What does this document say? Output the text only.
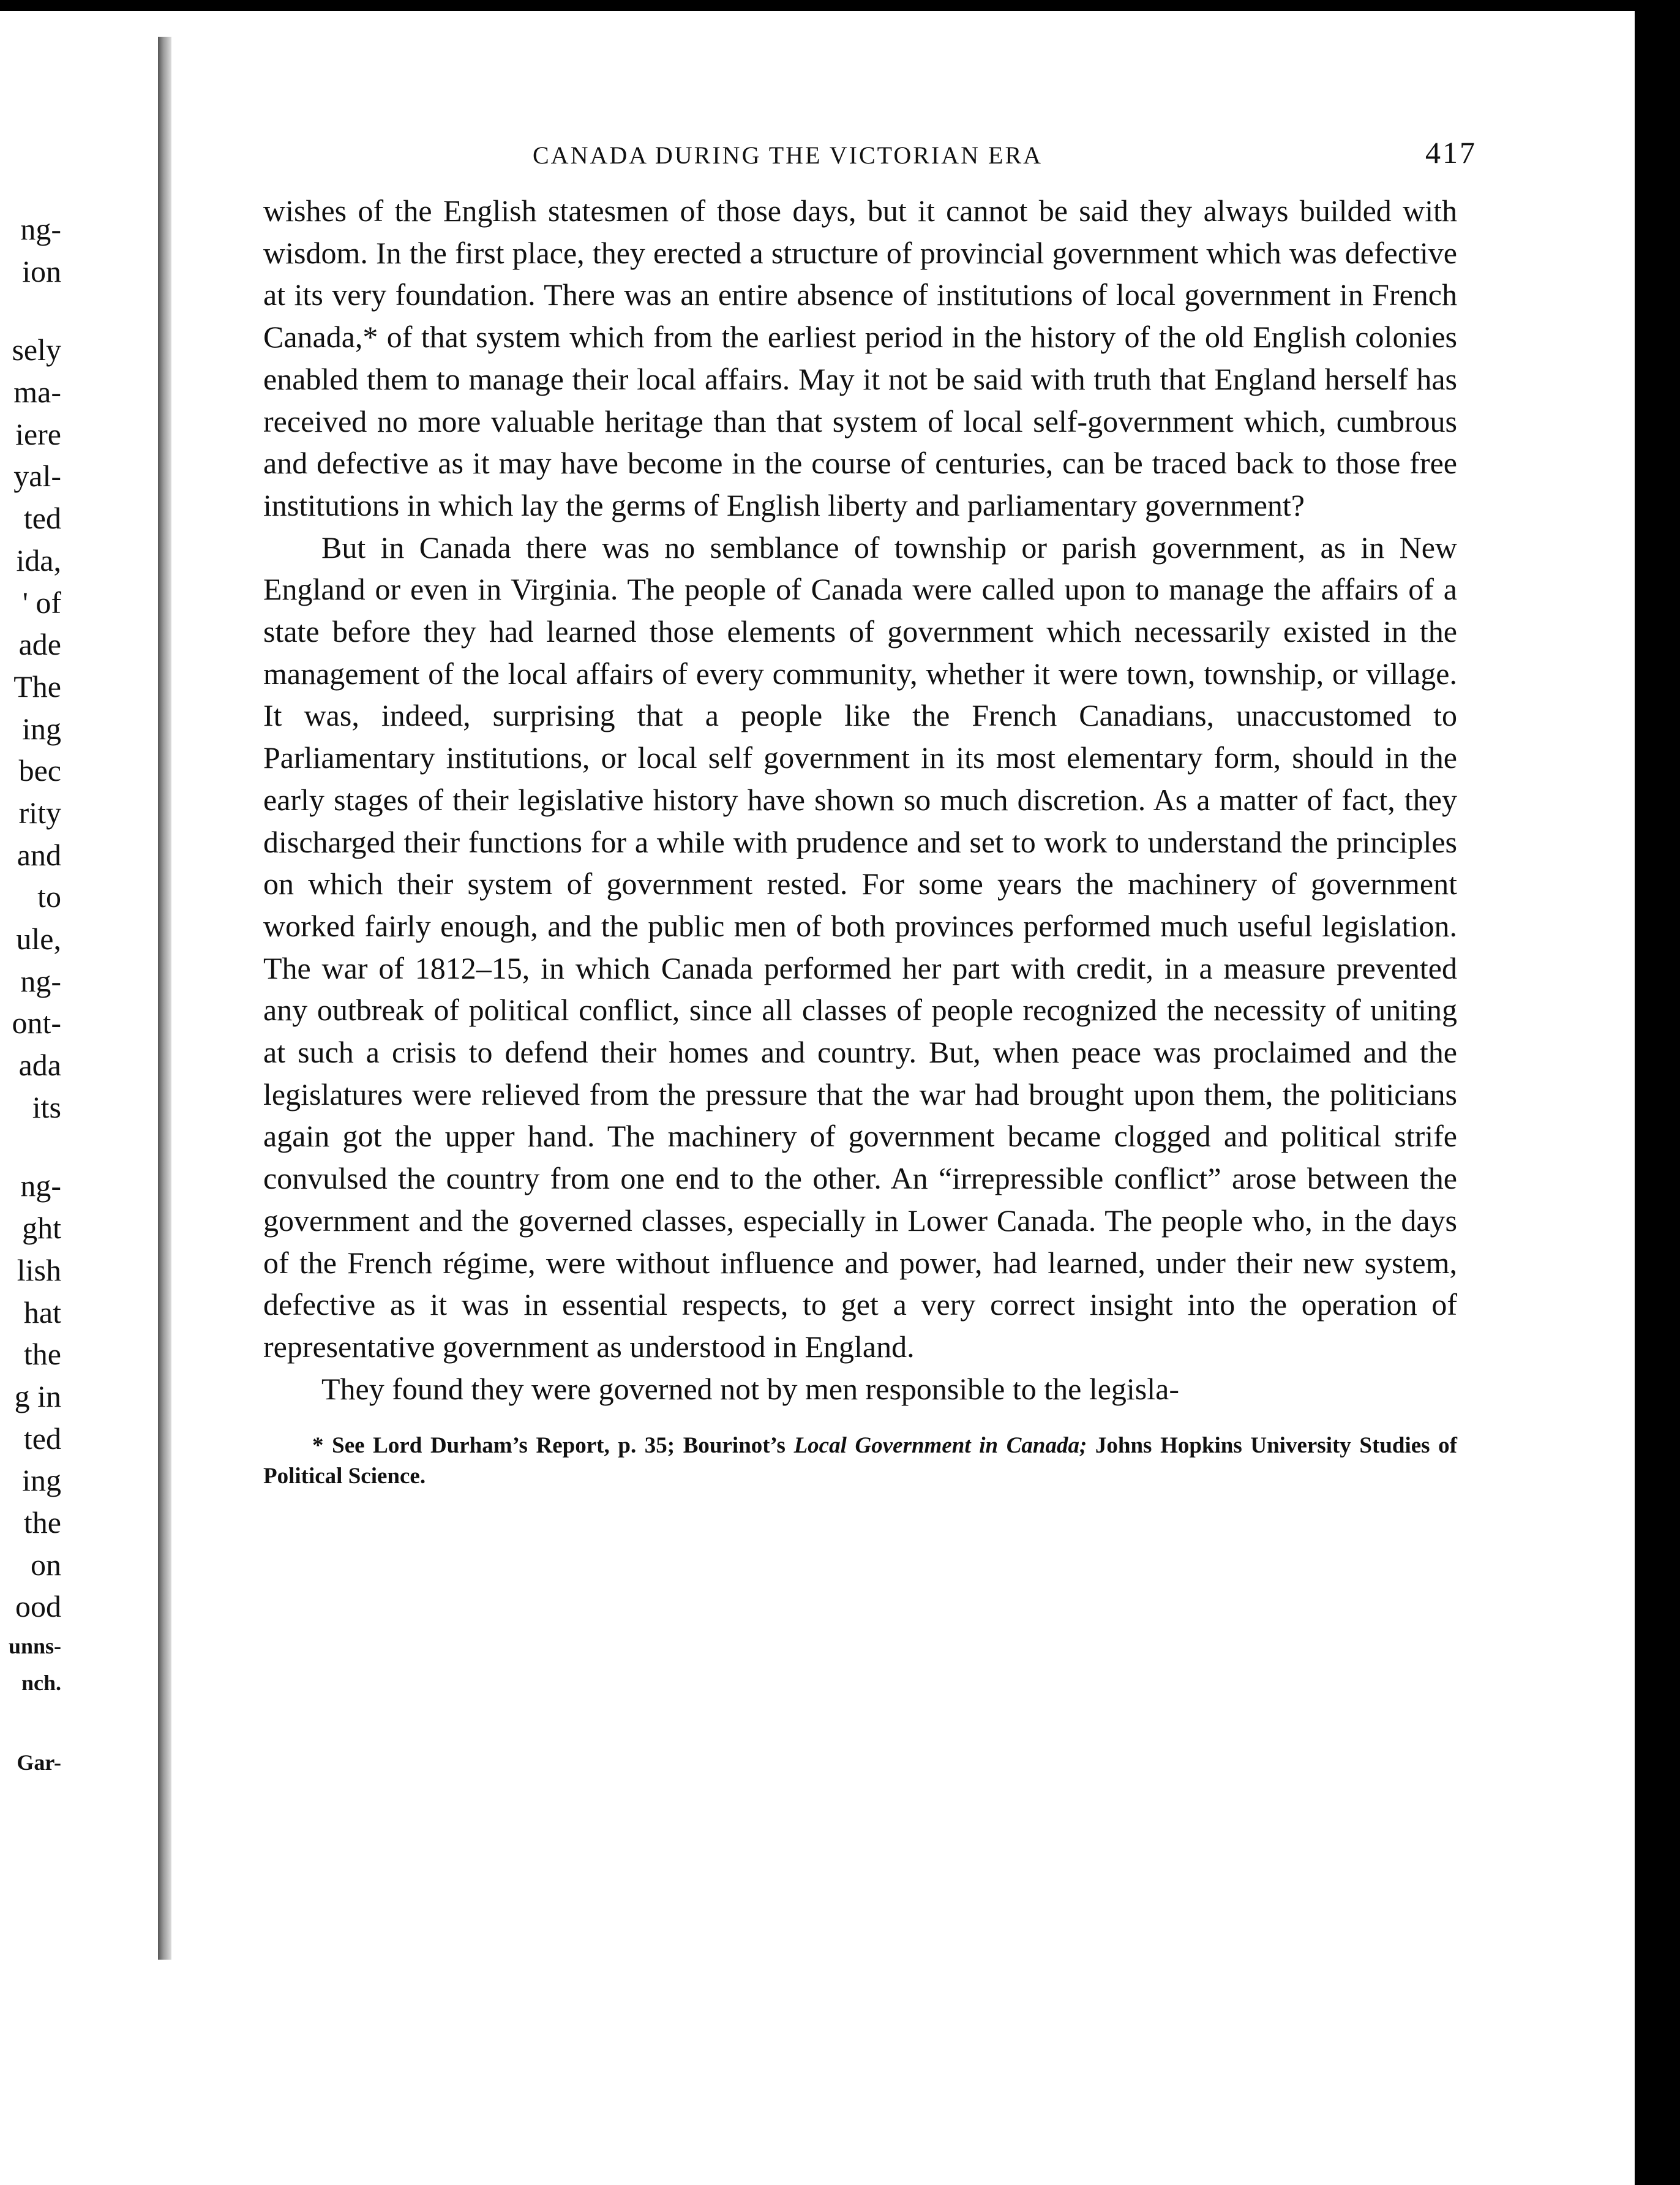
ng-
ion
sely
ma-
iere
yal-
ted
ida,
' of
ade
The
ing
bec
rity
and
to
ule,
ng-
ont-
ada
its
ng-
ght
lish
hat
the
g in
ted
ing
the
on
ood
unns-
nch.
Gar-
CANADA DURING THE VICTORIAN ERA	417

wishes of the English statesmen of those days, but it cannot be said they always builded with wisdom. In the first place, they erected a structure of provincial government which was defective at its very foundation. There was an entire absence of institutions of local government in French Canada,* of that system which from the earliest period in the history of the old English colonies enabled them to manage their local affairs. May it not be said with truth that England herself has received no more valuable heritage than that system of local self-government which, cumbrous and defective as it may have become in the course of centuries, can be traced back to those free institutions in which lay the germs of English liberty and parliamentary government?

But in Canada there was no semblance of township or parish government, as in New England or even in Virginia. The people of Canada were called upon to manage the affairs of a state before they had learned those elements of government which necessarily existed in the management of the local affairs of every community, whether it were town, township, or village. It was, indeed, surprising that a people like the French Canadians, unaccustomed to Parliamentary institutions, or local self government in its most elementary form, should in the early stages of their legislative history have shown so much discretion. As a matter of fact, they discharged their functions for a while with prudence and set to work to understand the principles on which their system of government rested. For some years the machinery of government worked fairly enough, and the public men of both provinces performed much useful legislation. The war of 1812–15, in which Canada performed her part with credit, in a measure prevented any outbreak of political conflict, since all classes of people recognized the necessity of uniting at such a crisis to defend their homes and country. But, when peace was proclaimed and the legislatures were relieved from the pressure that the war had brought upon them, the politicians again got the upper hand. The machinery of government became clogged and political strife convulsed the country from one end to the other. An “irrepressible conflict” arose between the government and the governed classes, especially in Lower Canada. The people who, in the days of the French régime, were without influence and power, had learned, under their new system, defective as it was in essential respects, to get a very correct insight into the operation of representative government as understood in England.

They found they were governed not by men responsible to the legisla-

* See Lord Durham’s Report, p. 35; Bourinot’s Local Government in Canada; Johns Hopkins University Studies of Political Science.
